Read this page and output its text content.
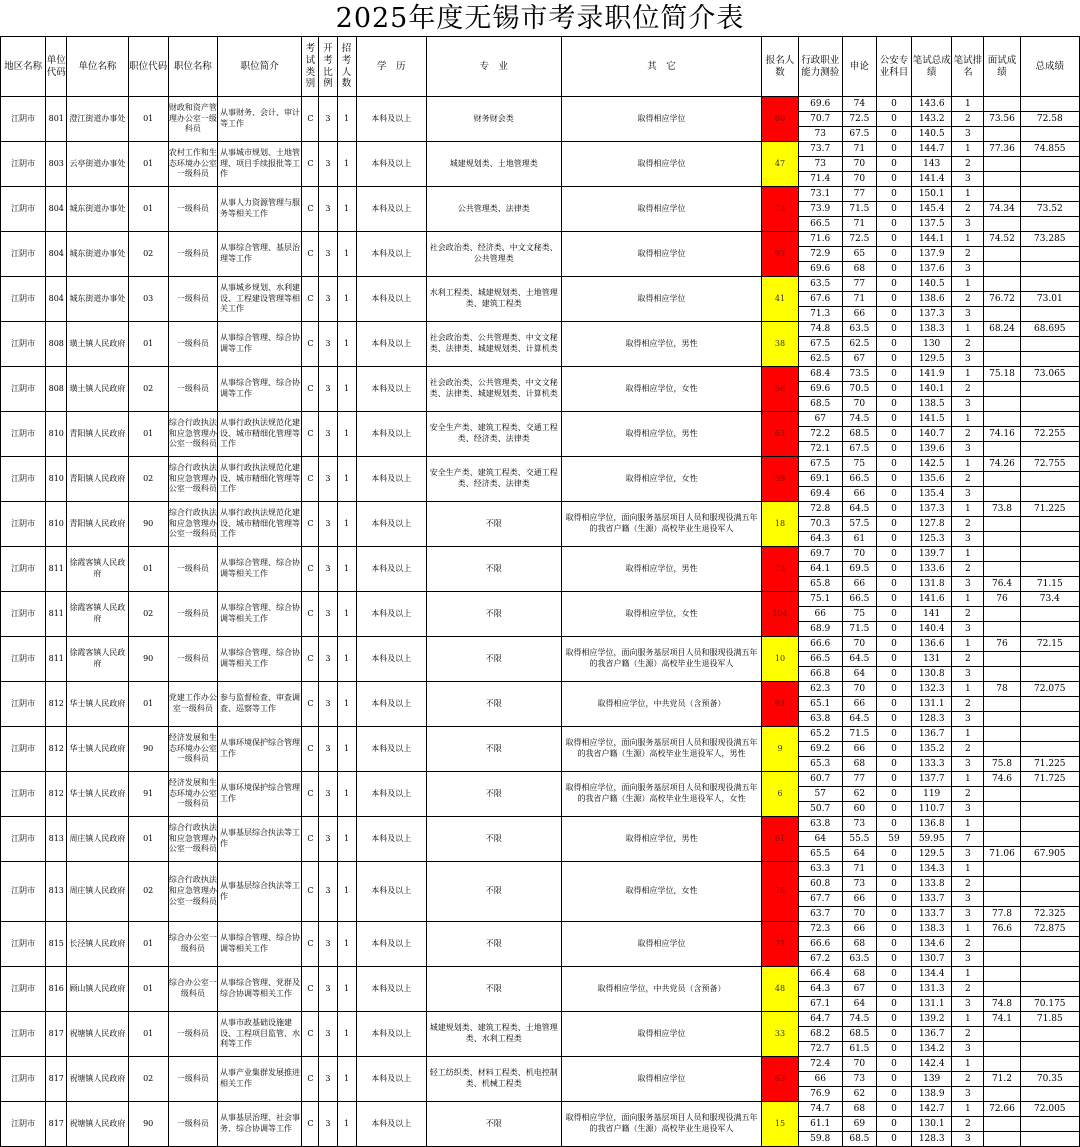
2025年度无锡市考录职位简介表
地区名称	单位代码	单位名称	职位代码	职位名称	职位简介	考试类别	开考比例	招考人数	学　历	专　业	其　它	报名人数	行政职业能力测验	申论	公安专业科目	笔试总成绩	笔试排名	面试成绩	总成绩
江阴市	801	澄江街道办事处	01	财政和资产管理办公室一级科员	从事财务、会计、审计等工作	C	3	1	本科及以上	财务财会类	取得相应学位	80	69.6	74	0	143.6	1		
													70.7	72.5	0	143.2	2	73.56	72.58
													73	67.5	0	140.5	3		
江阴市	803	云亭街道办事处	01	农村工作和生态环境办公室一级科员	从事城市规划、土地管理、项目手续报批等工作	C	3	1	本科及以上	城建规划类、土地管理类	取得相应学位	47	73.7	71	0	144.7	1	77.36	74.855
													73	70	0	143	2		
													71.4	70	0	141.4	3		
江阴市	804	城东街道办事处	01	一级科员	从事人力资源管理与服务等相关工作	C	3	1	本科及以上	公共管理类、法律类	取得相应学位	73	73.1	77	0	150.1	1		
													73.9	71.5	0	145.4	2	74.34	73.52
													66.5	71	0	137.5	3		
江阴市	804	城东街道办事处	02	一级科员	从事综合管理、基层治理等工作	C	3	1	本科及以上	社会政治类、经济类、中文文秘类、公共管理类	取得相应学位	93	71.6	72.5	0	144.1	1	74.52	73.285
													72.9	65	0	137.9	2		
													69.6	68	0	137.6	3		
江阴市	804	城东街道办事处	03	一级科员	从事城乡规划、水利建设、工程建设管理等相关工作	C	3	1	本科及以上	水利工程类、城建规划类、土地管理类、建筑工程类	取得相应学位	41	63.5	77	0	140.5	1		
													67.6	71	0	138.6	2	76.72	73.01
													71.3	66	0	137.3	3		
江阴市	808	璜土镇人民政府	01	一级科员	从事综合管理、综合协调等工作	C	3	1	本科及以上	社会政治类、公共管理类、中文文秘类、法律类、城建规划类、计算机类	取得相应学位，男性	38	74.8	63.5	0	138.3	1	68.24	68.695
													67.5	62.5	0	130	2		
													62.5	67	0	129.5	3		
江阴市	808	璜土镇人民政府	02	一级科员	从事综合管理、综合协调等工作	C	3	1	本科及以上	社会政治类、公共管理类、中文文秘类、法律类、城建规划类、计算机类	取得相应学位，女性	56	68.4	73.5	0	141.9	1	75.18	73.065
													69.6	70.5	0	140.1	2		
													68.5	70	0	138.5	3		
江阴市	810	青阳镇人民政府	01	综合行政执法和应急管理办公室一级科员	从事行政执法规范化建设、城市精细化管理等工作	C	3	1	本科及以上	安全生产类、建筑工程类、交通工程类、经济类、法律类	取得相应学位，男性	63	67	74.5	0	141.5	1		
													72.2	68.5	0	140.7	2	74.16	72.255
													72.1	67.5	0	139.6	3		
江阴市	810	青阳镇人民政府	02	综合行政执法和应急管理办公室一级科员	从事行政执法规范化建设、城市精细化管理等工作	C	3	1	本科及以上	安全生产类、建筑工程类、交通工程类、经济类、法律类	取得相应学位，女性	59	67.5	75	0	142.5	1	74.26	72.755
													69.1	66.5	0	135.6	2		
													69.4	66	0	135.4	3		
江阴市	810	青阳镇人民政府	90	综合行政执法和应急管理办公室一级科员	从事行政执法规范化建设、城市精细化管理等工作	C	3	1	本科及以上	不限	取得相应学位，面向服务基层项目人员和服现役满五年的我省户籍（生源）高校毕业生退役军人	18	72.8	64.5	0	137.3	1	73.8	71.225
													70.3	57.5	0	127.8	2		
													64.3	61	0	125.3	3		
江阴市	811	徐霞客镇人民政府	01	一级科员	从事综合管理、综合协调等相关工作	C	3	1	本科及以上	不限	取得相应学位，男性	73	69.7	70	0	139.7	1		
													64.1	69.5	0	133.6	2		
													65.8	66	0	131.8	3	76.4	71.15
江阴市	811	徐霞客镇人民政府	02	一级科员	从事综合管理、综合协调等相关工作	C	3	1	本科及以上	不限	取得相应学位，女性	104	75.1	66.5	0	141.6	1	76	73.4
													66	75	0	141	2		
													68.9	71.5	0	140.4	3		
江阴市	811	徐霞客镇人民政府	90	一级科员	从事综合管理、综合协调等相关工作	C	3	1	本科及以上	不限	取得相应学位，面向服务基层项目人员和服现役满五年的我省户籍（生源）高校毕业生退役军人	10	66.6	70	0	136.6	1	76	72.15
													66.5	64.5	0	131	2		
													66.8	64	0	130.8	3		
江阴市	812	华士镇人民政府	01	党建工作办公室一级科员	参与监督检查、审查调查、巡察等工作	C	3	1	本科及以上	不限	取得相应学位，中共党员（含预备）	63	62.3	70	0	132.3	1	78	72.075
													65.1	66	0	131.1	2		
													63.8	64.5	0	128.3	3		
江阴市	812	华士镇人民政府	90	经济发展和生态环境办公室一级科员	从事环境保护综合管理工作	C	3	1	本科及以上	不限	取得相应学位，面向服务基层项目人员和服现役满五年的我省户籍（生源）高校毕业生退役军人，男性	9	65.2	71.5	0	136.7	1		
													69.2	66	0	135.2	2		
													65.3	68	0	133.3	3	75.8	71.225
江阴市	812	华士镇人民政府	91	经济发展和生态环境办公室一级科员	从事环境保护综合管理工作	C	3	1	本科及以上	不限	取得相应学位，面向服务基层项目人员和服现役满五年的我省户籍（生源）高校毕业生退役军人，女性	6	60.7	77	0	137.7	1	74.6	71.725
													57	62	0	119	2		
													50.7	60	0	110.7	3		
江阴市	813	周庄镇人民政府	01	综合行政执法和应急管理办公室一级科员	从事基层综合执法等工作	C	3	1	本科及以上	不限	取得相应学位，男性	61	63.8	73	0	136.8	1		
													64	55.5	59	59.95	7		
													65.5	64	0	129.5	3	71.06	67.905
江阴市	813	周庄镇人民政府	02	综合行政执法和应急管理办公室一级科员	从事基层综合执法等工作	C	3	1	本科及以上	不限	取得相应学位，女性	76	63.3	71	0	134.3	1		
													60.8	73	0	133.8	2		
													67.7	66	0	133.7	3		
													63.7	70	0	133.7	3	77.8	72.325
江阴市	815	长泾镇人民政府	01	综合办公室一级科员	从事综合管理、综合协调等相关工作	C	3	1	本科及以上	不限	取得相应学位	75	72.3	66	0	138.3	1	76.6	72.875
													66.6	68	0	134.6	2		
													67.2	63.5	0	130.7	3		
江阴市	816	顾山镇人民政府	01	综合办公室一级科员	从事综合管理、党群及综合协调等相关工作	C	3	1	本科及以上	不限	取得相应学位，中共党员（含预备）	48	66.4	68	0	134.4	1		
													64.3	67	0	131.3	2		
													67.1	64	0	131.1	3	74.8	70.175
江阴市	817	祝塘镇人民政府	01	一级科员	从事市政基础设施建设、工程项目监管、水利等工作	C	3	1	本科及以上	城建规划类、建筑工程类、土地管理类、水利工程类	取得相应学位	33	64.7	74.5	0	139.2	1	74.1	71.85
													68.2	68.5	0	136.7	2		
													72.7	61.5	0	134.2	3		
江阴市	817	祝塘镇人民政府	02	一级科员	从事产业集群发展推进相关工作	C	3	1	本科及以上	轻工纺织类、材料工程类、机电控制类、机械工程类	取得相应学位	63	72.4	70	0	142.4	1		
													66	73	0	139	2	71.2	70.35
													76.9	62	0	138.9	3		
江阴市	817	祝塘镇人民政府	90	一级科员	从事基层治理、社会事务、综合协调等工作	C	3	1	本科及以上	不限	取得相应学位，面向服务基层项目人员和服现役满五年的我省户籍（生源）高校毕业生退役军人	15	74.7	68	0	142.7	1	72.66	72.005
													61.1	69	0	130.1	2		
													59.8	68.5	0	128.3	3		
